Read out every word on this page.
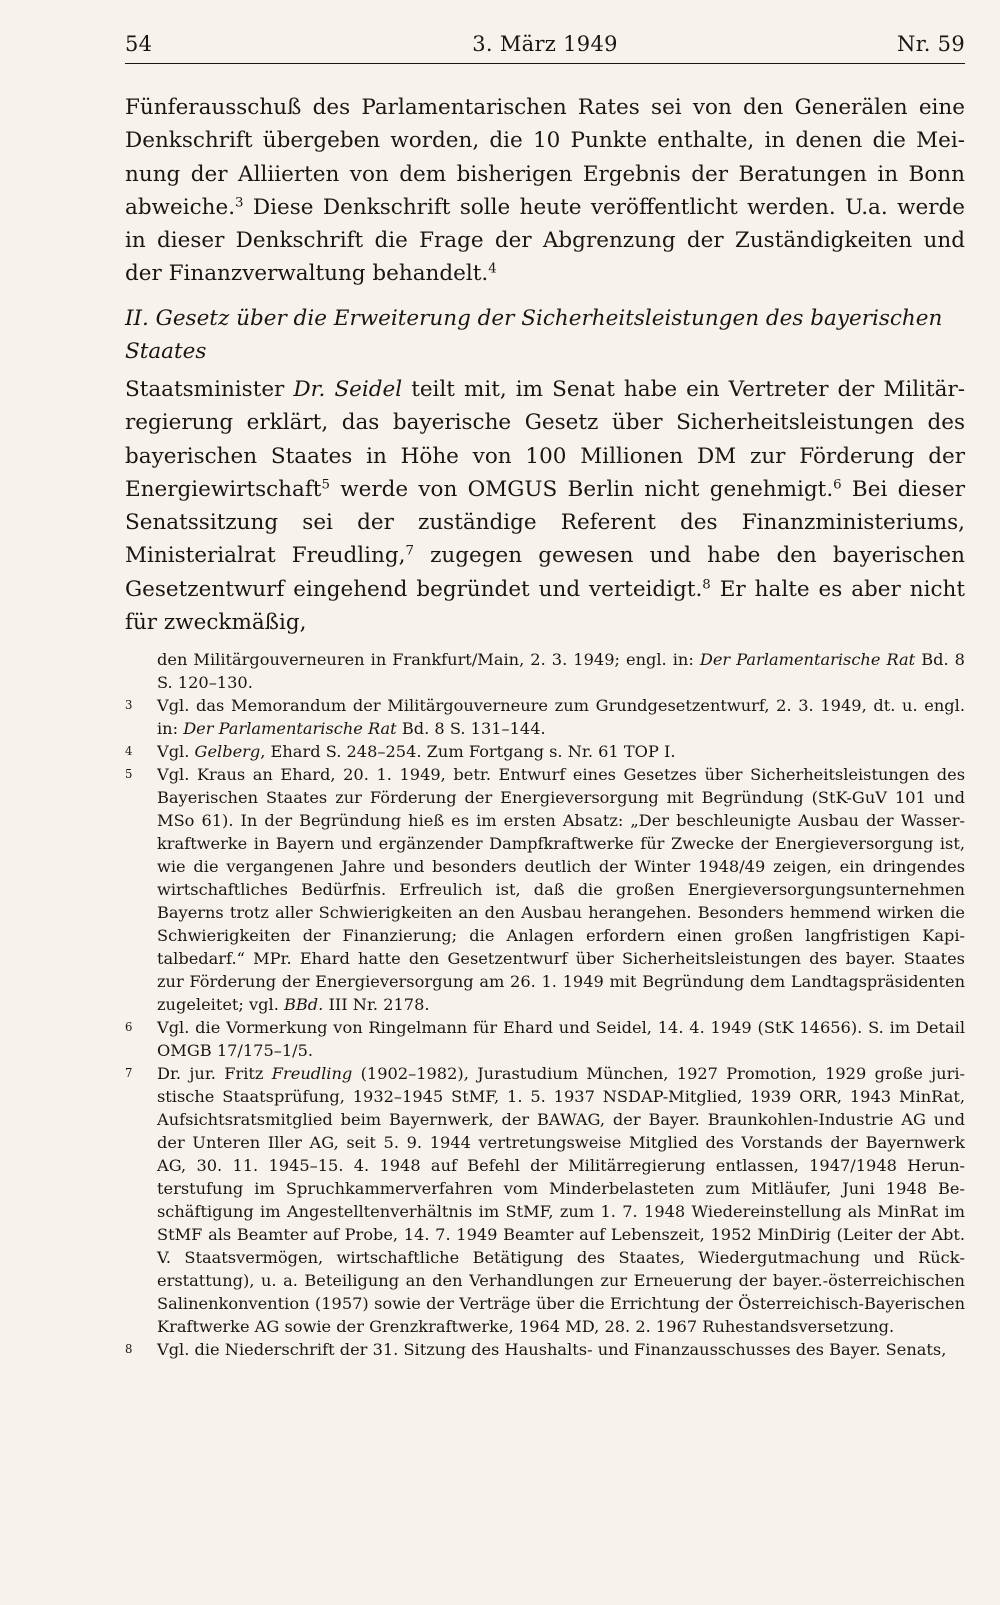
54	3. März 1949	Nr. 59

Fünferausschuß des Parlamentarischen Rates sei von den Generälen eine Denkschrift übergeben worden, die 10 Punkte enthalte, in denen die Meinung der Alliierten von dem bisherigen Ergebnis der Beratungen in Bonn abweiche.$^3$ Diese Denkschrift solle heute veröffentlicht werden. U.a. werde in dieser Denkschrift die Frage der Abgrenzung der Zuständigkeiten und der Finanzverwaltung behandelt.$^4$

II. Gesetz über die Erweiterung der Sicherheitsleistungen des bayerischen Staates
Staatsminister Dr. Seidel teilt mit, im Senat habe ein Vertreter der Militärregierung erklärt, das bayerische Gesetz über Sicherheitsleistungen des bayerischen Staates in Höhe von 100 Millionen DM zur Förderung der Energiewirtschaft$^5$ werde von OMGUS Berlin nicht genehmigt.$^6$ Bei dieser Senatssitzung sei der zuständige Referent des Finanzministeriums, Ministerialrat Freudling,$^7$ zugegen gewesen und habe den bayerischen Gesetzentwurf eingehend begründet und verteidigt.$^8$ Er halte es aber nicht für zweckmäßig,
den Militärgouverneuren in Frankfurt/Main, 2. 3. 1949; engl. in: Der Parlamentarische Rat Bd. 8 S. 120–130.
3 Vgl. das Memorandum der Militärgouverneure zum Grundgesetzentwurf, 2. 3. 1949, dt. u. engl. in: Der Parlamentarische Rat Bd. 8 S. 131–144.
4 Vgl. Gelberg, Ehard S. 248–254. Zum Fortgang s. Nr. 61 TOP I.
5 Vgl. Kraus an Ehard, 20. 1. 1949, betr. Entwurf eines Gesetzes über Sicherheitsleistungen des Bayerischen Staates zur Förderung der Energieversorgung mit Begründung (StK-GuV 101 und MSo 61). In der Begründung hieß es im ersten Absatz: „Der beschleunigte Ausbau der Wasserkraftwerke in Bayern und ergänzender Dampfkraftwerke für Zwecke der Energieversorgung ist, wie die vergangenen Jahre und besonders deutlich der Winter 1948/49 zeigen, ein dringendes wirtschaftliches Bedürfnis. Erfreulich ist, daß die großen Energieversorgungsunternehmen Bayerns trotz aller Schwierigkeiten an den Ausbau herangehen. Besonders hemmend wirken die Schwierigkeiten der Finanzierung; die Anlagen erfordern einen großen langfristigen Kapitalbedarf.“ MPr. Ehard hatte den Gesetzentwurf über Sicherheitsleistungen des bayer. Staates zur Förderung der Energieversorgung am 26. 1. 1949 mit Begründung dem Landtagspräsidenten zugeleitet; vgl. BBd. III Nr. 2178.
6 Vgl. die Vormerkung von Ringelmann für Ehard und Seidel, 14. 4. 1949 (StK 14656). S. im Detail OMGB 17/175–1/5.
7 Dr. jur. Fritz Freudling (1902–1982), Jurastudium München, 1927 Promotion, 1929 große juristische Staatsprüfung, 1932–1945 StMF, 1. 5. 1937 NSDAP-Mitglied, 1939 ORR, 1943 MinRat, Aufsichtsratsmitglied beim Bayernwerk, der BAWAG, der Bayer. Braunkohlen-Industrie AG und der Unteren Iller AG, seit 5. 9. 1944 vertretungsweise Mitglied des Vorstands der Bayernwerk AG, 30. 11. 1945–15. 4. 1948 auf Befehl der Militärregierung entlassen, 1947/1948 Herunterstufung im Spruchkammerverfahren vom Minderbelasteten zum Mitläufer, Juni 1948 Beschäftigung im Angestelltenverhältnis im StMF, zum 1. 7. 1948 Wiedereinstellung als MinRat im StMF als Beamter auf Probe, 14. 7. 1949 Beamter auf Lebenszeit, 1952 MinDirig (Leiter der Abt. V. Staatsvermögen, wirtschaftliche Betätigung des Staates, Wiedergutmachung und Rückerstattung), u. a. Beteiligung an den Verhandlungen zur Erneuerung der bayer.-österreichischen Salinenkonvention (1957) sowie der Verträge über die Errichtung der Österreichisch-Bayerischen Kraftwerke AG sowie der Grenzkraftwerke, 1964 MD, 28. 2. 1967 Ruhestandsversetzung.
8 Vgl. die Niederschrift der 31. Sitzung des Haushalts- und Finanzausschusses des Bayer. Senats,
